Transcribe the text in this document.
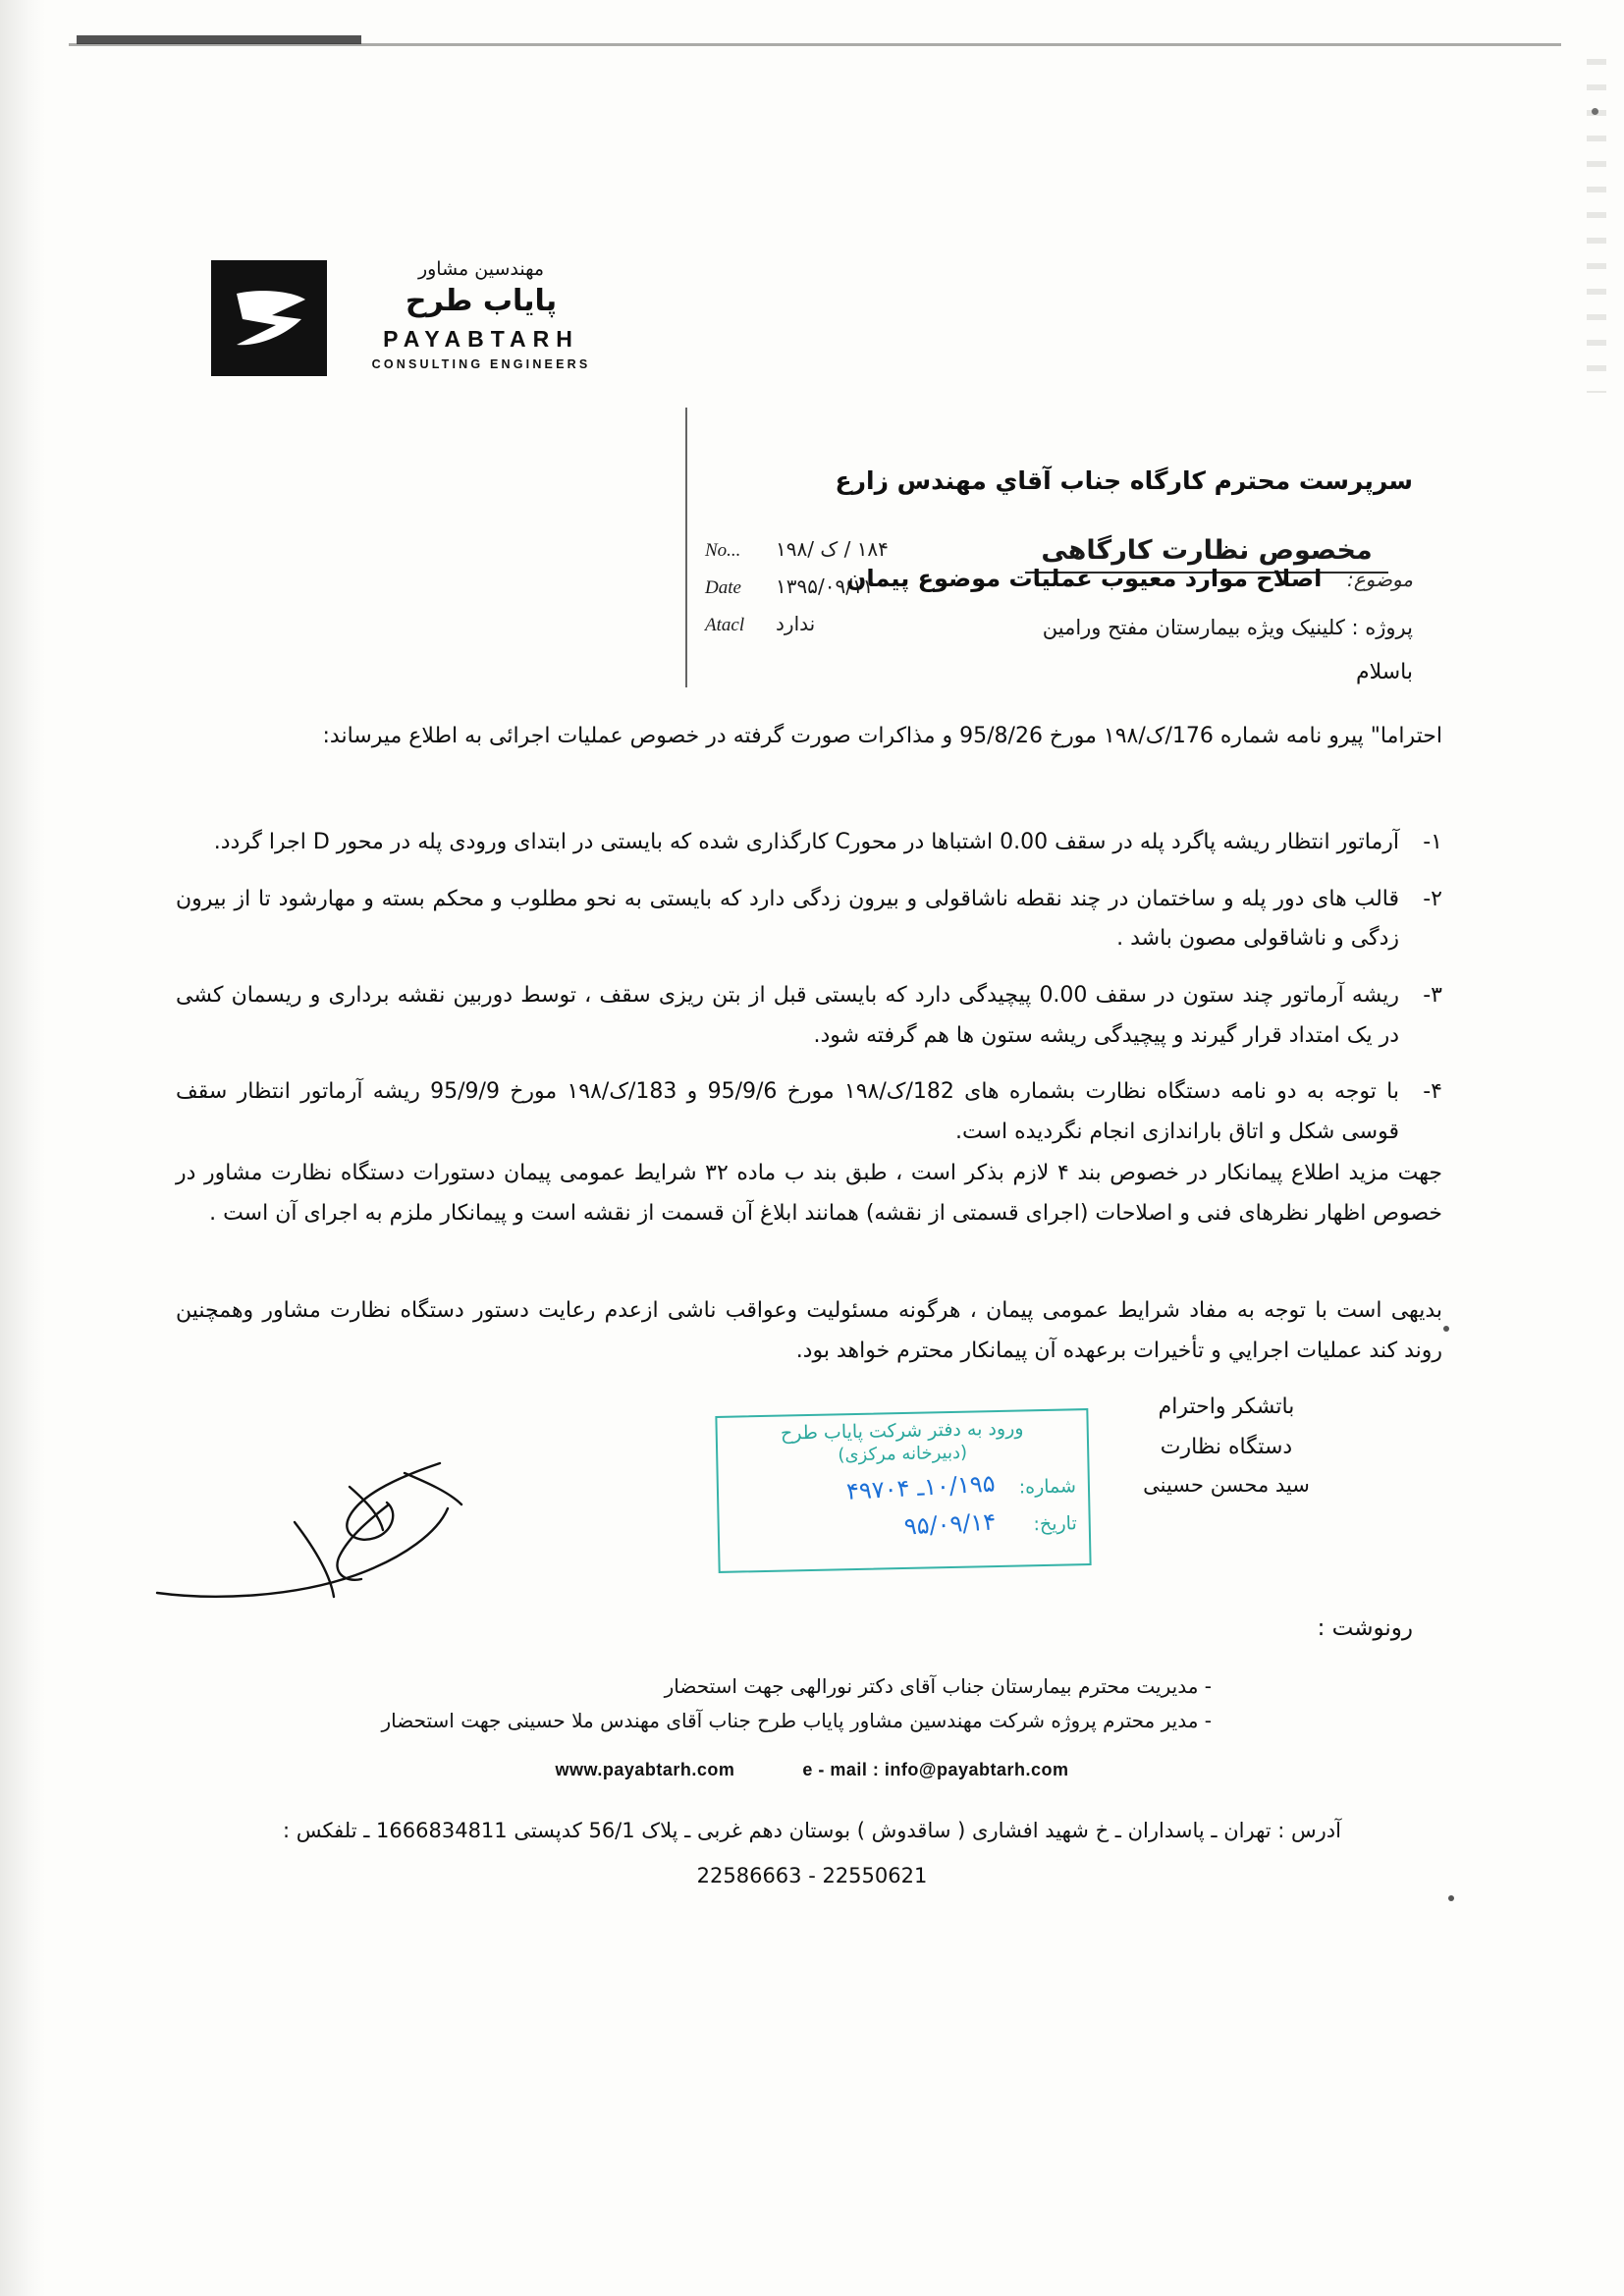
مهندسین مشاور
پایاب طرح
PAYABTARH
CONSULTING ENGINEERS
No...	۱۸۴ / ک /۱۹۸
Date	۱۳۹۵/۰۹/۱۱
Atacl	ندارد
مخصوص نظارت کارگاهی
پروژه : کلینیک ویژه بیمارستان مفتح ورامین
سرپرست محترم کارگاه جناب آقاي مهندس زارع
موضوع: اصلاح موارد معیوب عملیات موضوع پیمان
باسلام
احتراما" پیرو نامه شماره 176/ک/۱۹۸ مورخ 95/8/26 و مذاکرات صورت گرفته در خصوص عملیات اجرائی به اطلاع میرساند:
۱-
آرماتور انتظار ریشه پاگرد پله در سقف 0.00 اشتباها در محورC کارگذاری شده که بایستی در ابتدای ورودی پله در محور D اجرا گردد.
۲-
قالب های دور پله و ساختمان در چند نقطه ناشاقولی و بیرون زدگی دارد که بایستی به نحو مطلوب و محکم بسته و مهارشود تا از بیرون زدگی و ناشاقولی مصون باشد .
۳-
ریشه آرماتور چند ستون در سقف 0.00 پیچیدگی دارد که بایستی قبل از بتن ریزی سقف ، توسط دوربین نقشه برداری و ریسمان کشی در یک امتداد قرار گیرند و پیچیدگی ریشه ستون ها هم گرفته شود.
۴-
با توجه به دو نامه دستگاه نظارت بشماره های 182/ک/۱۹۸ مورخ 95/9/6 و 183/ک/۱۹۸ مورخ 95/9/9 ریشه آرماتور انتظار سقف قوسی شکل و اتاق باراندازی انجام نگردیده است.
جهت مزید اطلاع پیمانکار در خصوص بند ۴ لازم بذکر است ، طبق بند ب ماده ۳۲ شرایط عمومی پیمان دستورات دستگاه نظارت مشاور در خصوص اظهار نظرهای فنی و اصلاحات (اجرای قسمتی از نقشه) همانند ابلاغ آن قسمت از نقشه است و پیمانکار ملزم به اجرای آن است .
بدیهی است با توجه به مفاد شرایط عمومی پیمان ، هرگونه مسئولیت وعواقب ناشی ازعدم رعایت دستور دستگاه نظارت مشاور وهمچنین روند کند عملیات اجرايي و تأخیرات برعهده آن پیمانکار محترم خواهد بود.
باتشکر واحترام
دستگاه نظارت
سید محسن حسینی
ورود به دفتر شرکت پایاب طرح
(دبیرخانه مرکزی)
شماره:
۱۰/۱۹۵ـ ۴۹۷۰۴
تاریخ:
۹۵/۰۹/۱۴
رونوشت :
- مدیریت محترم بیمارستان جناب آقای دکتر نورالهی جهت استحضار
- مدیر محترم پروژه شرکت مهندسین مشاور پایاب طرح جناب آقای مهندس ملا حسینی جهت استحضار
www.payabtarh.com	e - mail : info@payabtarh.com
آدرس : تهران ـ پاسداران ـ خ شهید افشاری ( ساقدوش ) بوستان دهم غربی ـ پلاک 56/1 کدپستی 1666834811 ـ تلفکس :
22586663 - 22550621
